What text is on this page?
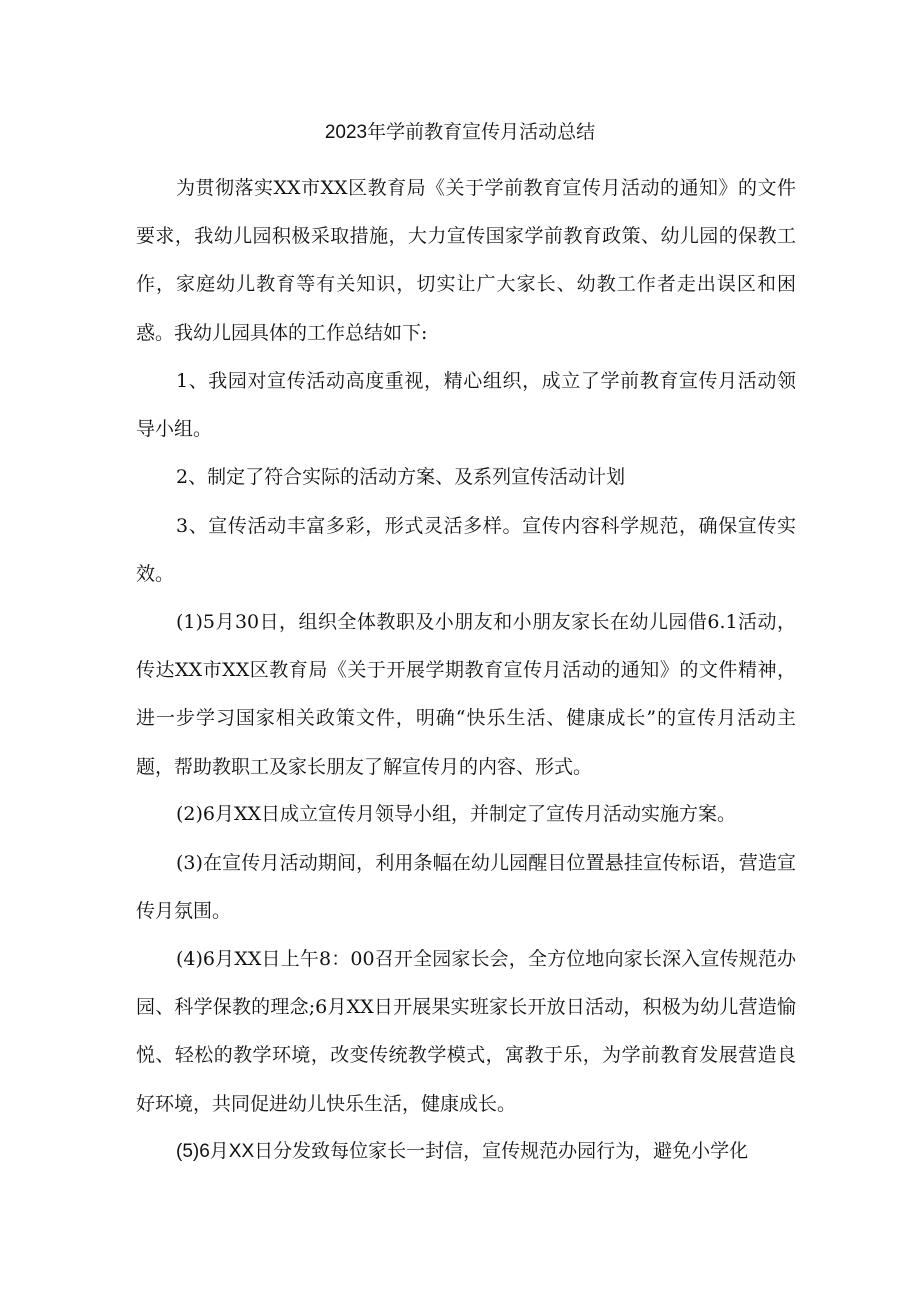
2023年学前教育宣传月活动总结

为贯彻落实XX市XX区教育局《关于学前教育宣传月活动的通知》的文件要求，我幼儿园积极采取措施，大力宣传国家学前教育政策、幼儿园的保教工作，家庭幼儿教育等有关知识，切实让广大家长、幼教工作者走出误区和困惑。我幼儿园具体的工作总结如下:

1、我园对宣传活动高度重视，精心组织，成立了学前教育宣传月活动领导小组。

2、制定了符合实际的活动方案、及系列宣传活动计划

3、宣传活动丰富多彩，形式灵活多样。宣传内容科学规范，确保宣传实效。

(1)5月30日，组织全体教职及小朋友和小朋友家长在幼儿园借6.1活动，传达XX市XX区教育局《关于开展学期教育宣传月活动的通知》的文件精神，进一步学习国家相关政策文件，明确“快乐生活、健康成长”的宣传月活动主题，帮助教职工及家长朋友了解宣传月的内容、形式。

(2)6月XX日成立宣传月领导小组，并制定了宣传月活动实施方案。

(3)在宣传月活动期间，利用条幅在幼儿园醒目位置悬挂宣传标语，营造宣传月氛围。

(4)6月XX日上午8：00召开全园家长会，全方位地向家长深入宣传规范办园、科学保教的理念;6月XX日开展果实班家长开放日活动，积极为幼儿营造愉悦、轻松的教学环境，改变传统教学模式，寓教于乐，为学前教育发展营造良好环境，共同促进幼儿快乐生活，健康成长。

(5)6月XX日分发致每位家长一封信，宣传规范办园行为，避免小学化
